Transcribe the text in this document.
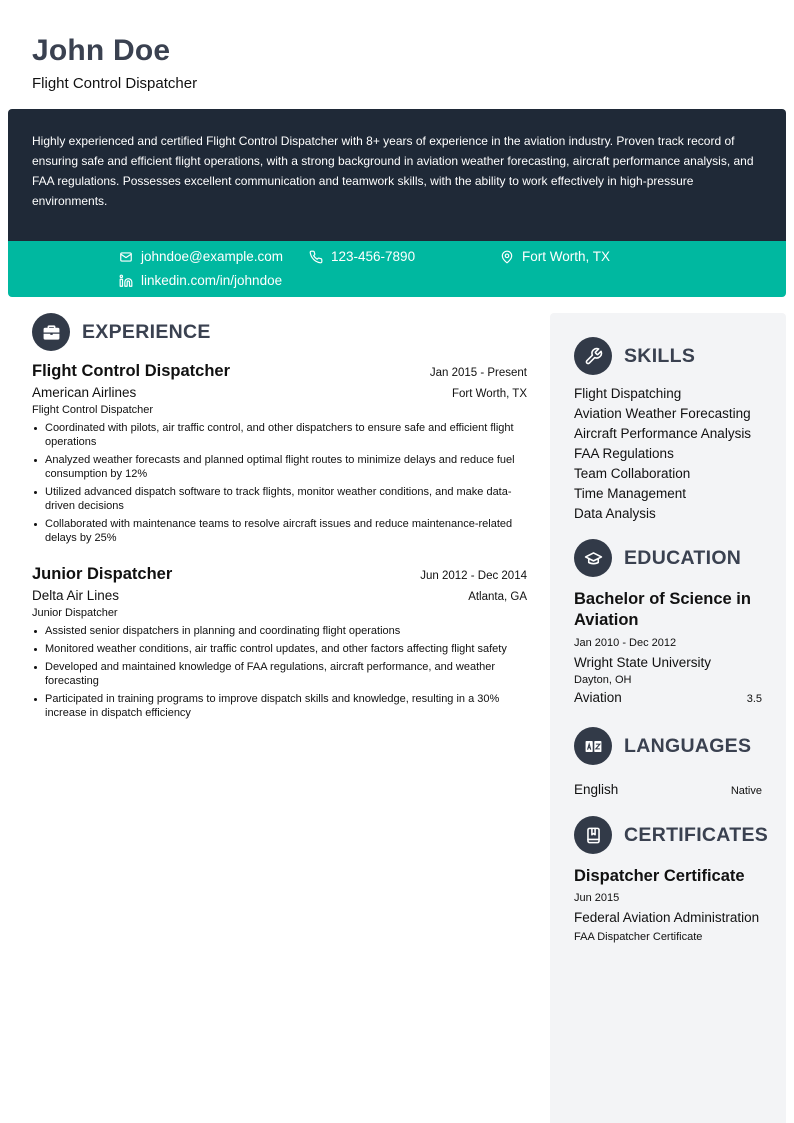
John Doe
Flight Control Dispatcher

Highly experienced and certified Flight Control Dispatcher with 8+ years of experience in the aviation industry. Proven track record of ensuring safe and efficient flight operations, with a strong background in aviation weather forecasting, aircraft performance analysis, and FAA regulations. Possesses excellent communication and teamwork skills, with the ability to work effectively in high-pressure environments.

johndoe@example.com	123-456-7890	Fort Worth, TX
linkedin.com/in/johndoe
EXPERIENCE
Flight Control Dispatcher	Jan 2015 - Present
American Airlines	Fort Worth, TX
Flight Control Dispatcher
Coordinated with pilots, air traffic control, and other dispatchers to ensure safe and efficient flight operations
Analyzed weather forecasts and planned optimal flight routes to minimize delays and reduce fuel consumption by 12%
Utilized advanced dispatch software to track flights, monitor weather conditions, and make data-driven decisions
Collaborated with maintenance teams to resolve aircraft issues and reduce maintenance-related delays by 25%
Junior Dispatcher	Jun 2012 - Dec 2014
Delta Air Lines	Atlanta, GA
Junior Dispatcher
Assisted senior dispatchers in planning and coordinating flight operations
Monitored weather conditions, air traffic control updates, and other factors affecting flight safety
Developed and maintained knowledge of FAA regulations, aircraft performance, and weather forecasting
Participated in training programs to improve dispatch skills and knowledge, resulting in a 30% increase in dispatch efficiency
SKILLS
Flight Dispatching
Aviation Weather Forecasting
Aircraft Performance Analysis
FAA Regulations
Team Collaboration
Time Management
Data Analysis
EDUCATION
Bachelor of Science in Aviation
Jan 2010 - Dec 2012
Wright State University
Dayton, OH
Aviation	3.5
LANGUAGES
English	Native
CERTIFICATES
Dispatcher Certificate
Jun 2015
Federal Aviation Administration
FAA Dispatcher Certificate
